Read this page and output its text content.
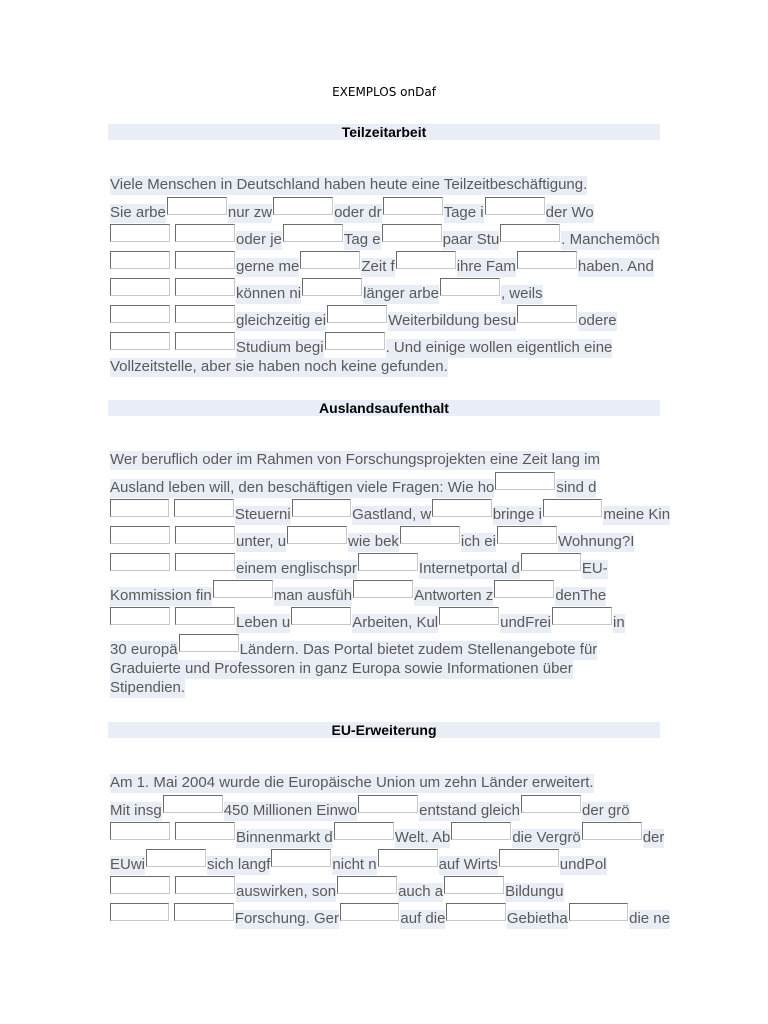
EXEMPLOS onDaf
Teilzeitarbeit
Viele Menschen in Deutschland haben heute eine Teilzeitbeschäftigung.
Sie arbe	nur zw	oder dr	Tage i	der Wo
oder je	Tag e	paar Stu	. Manchemöch
gerne me	Zeit f	ihre Fam	haben. And
können ni	länger arbe	, weils
gleichzeitig ei	Weiterbildung besu	odere
Studium begi	. Und einige wollen eigentlich eine
Vollzeitstelle, aber sie haben noch keine gefunden.
Auslandsaufenthalt
Wer beruflich oder im Rahmen von Forschungsprojekten eine Zeit lang im
Ausland leben will, den beschäftigen viele Fragen: Wie ho	sind d
Steuerni	Gastland, w	bringe i	meine Kin
unter, u	wie bek	ich ei	Wohnung?I
einem englischspr	Internetportal d	EU-
Kommission fin	man ausfüh	Antworten z	denThe
Leben u	Arbeiten, Kul	undFrei	in
30 europä	Ländern. Das Portal bietet zudem Stellenangebote für
Graduierte und Professoren in ganz Europa sowie Informationen über
Stipendien.
EU-Erweiterung
Am 1. Mai 2004 wurde die Europäische Union um zehn Länder erweitert.
Mit insg	450 Millionen Einwo	entstand gleich	der grö
Binnenmarkt d	Welt. Ab	die Vergrö	der
EUwi	sich langf	nicht n	auf Wirts	undPol
auswirken, son	auch a	Bildungu
Forschung. Ger	auf die	Gebietha	die ne
